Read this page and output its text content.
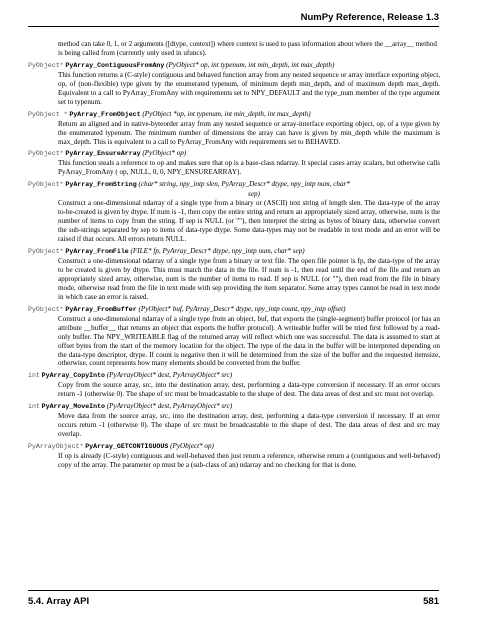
NumPy Reference, Release 1.3
method can take 0, 1, or 2 arguments ([dtype, context]) where context is used to pass information about where the __array__ method is being called from (currently only used in ufuncs).
PyObject* PyArray_ContiguousFromAny (PyObject* op, int typenum, int min_depth, int max_depth)
This function returns a (C-style) contiguous and behaved function array from any nested sequence or array interface exporting object, op, of (non-flexible) type given by the enumerated typenum, of minimum depth min_depth, and of maximum depth max_depth. Equivalent to a call to PyArray_FromAny with requirements set to NPY_DEFAULT and the type_num member of the type argument set to typenum.
PyObject * PyArray_FromObject (PyObject *op, int typenum, int min_depth, int max_depth)
Return an aligned and in native-byteorder array from any nested sequence or array-interface exporting object, op, of a type given by the enumerated typenum. The minimum number of dimensions the array can have is given by min_depth while the maximum is max_depth. This is equivalent to a call to PyArray_FromAny with requirements set to BEHAVED.
PyObject* PyArray_EnsureArray (PyObject* op)
This function steals a reference to op and makes sure that op is a base-class ndarray. It special cases array scalars, but otherwise calls PyArray_FromAny ( op, NULL, 0, 0, NPY_ENSUREARRAY).
PyObject* PyArray_FromString (char* string, npy_intp slen, PyArray_Descr* dtype, npy_intp num, char*
sep)
Construct a one-dimensional ndarray of a single type from a binary or (ASCII) text string of length slen. The data-type of the array to-be-created is given by dtype. If num is -1, then copy the entire string and return an appropriately sized array, otherwise, num is the number of items to copy from the string. If sep is NULL (or ""), then interpret the string as bytes of binary data, otherwise convert the sub-strings separated by sep to items of data-type dtype. Some data-types may not be readable in text mode and an error will be raised if that occurs. All errors return NULL.
PyObject* PyArray_FromFile (FILE* fp, PyArray_Descr* dtype, npy_intp num, char* sep)
Construct a one-dimensional ndarray of a single type from a binary or text file. The open file pointer is fp, the data-type of the array to be created is given by dtype. This must match the data in the file. If num is -1, then read until the end of the file and return an appropriately sized array, otherwise, num is the number of items to read. If sep is NULL (or ""), then read from the file in binary mode, otherwise read from the file in text mode with sep providing the item separator. Some array types cannot be read in text mode in which case an error is raised.
PyObject* PyArray_FromBuffer (PyObject* buf, PyArray_Descr* dtype, npy_intp count, npy_intp offset)
Construct a one-dimensional ndarray of a single type from an object, buf, that exports the (single-segment) buffer protocol (or has an attribute __buffer__ that returns an object that exports the buffer protocol). A writeable buffer will be tried first followed by a read- only buffer. The NPY_WRITEABLE flag of the returned array will reflect which one was successful. The data is assumed to start at offset bytes from the start of the memory location for the object. The type of the data in the buffer will be interpreted depending on the data-type descriptor, dtype. If count is negative then it will be determined from the size of the buffer and the requested itemsize, otherwise, count represents how many elements should be converted from the buffer.
int PyArray_CopyInto (PyArrayObject* dest, PyArrayObject* src)
Copy from the source array, src, into the destination array, dest, performing a data-type conversion if necessary. If an error occurs return -1 (otherwise 0). The shape of src must be broadcastable to the shape of dest. The data areas of dest and src must not overlap.
int PyArray_MoveInto (PyArrayObject* dest, PyArrayObject* src)
Move data from the source array, src, into the destination array, dest, performing a data-type conversion if necessary. If an error occurs return -1 (otherwise 0). The shape of src must be broadcastable to the shape of dest. The data areas of dest and src may overlap.
PyArrayObject* PyArray_GETCONTIGUOUS (PyObject* op)
If op is already (C-style) contiguous and well-behaved then just return a reference, otherwise return a (contiguous and well-behaved) copy of the array. The parameter op must be a (sub-class of an) ndarray and no checking for that is done.
5.4. Array API	581
